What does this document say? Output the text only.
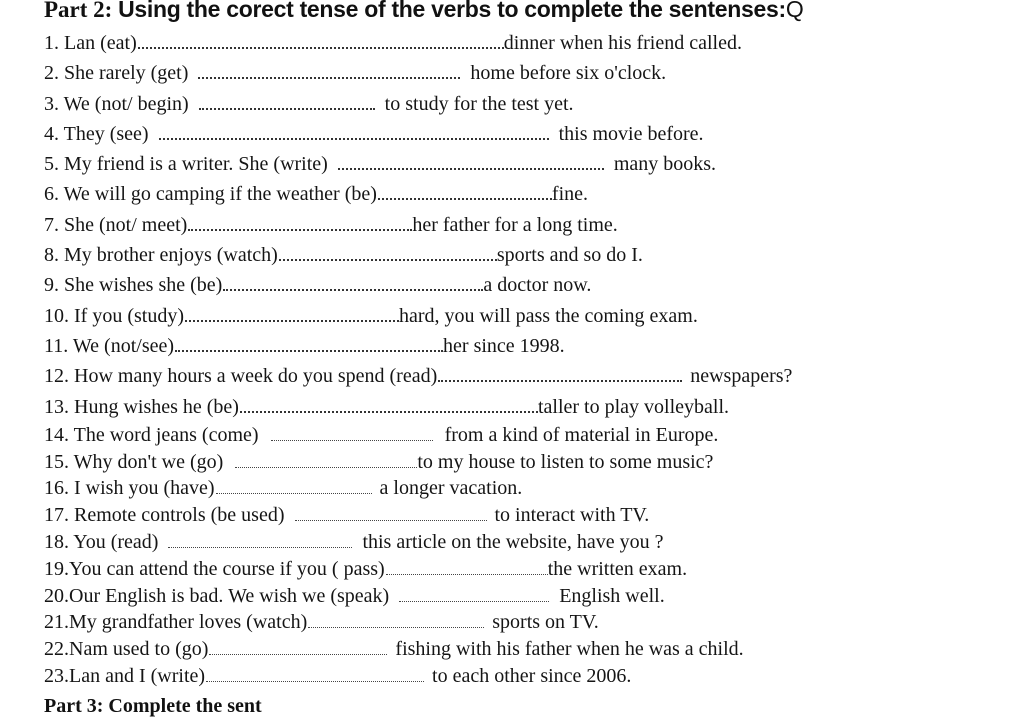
Part 2: Using the corect tense of the verbs to complete the sentenses:Q
1. Lan (eat)	dinner when his friend called.
2. She rarely (get)	home before six o'clock.
3. We (not/ begin)	to study for the test yet.
4. They (see)	this movie before.
5. My friend is a writer. She (write)	many books.
6. We will go camping if the weather (be)	fine.
7. She (not/ meet)	her father for a long time.
8. My brother enjoys (watch)	sports and so do I.
9. She wishes she (be)	a doctor now.
10. If you (study)	hard, you will pass the coming exam.
11. We (not/see)	her since 1998.
12. How many hours a week do you spend (read)	newspapers?
13. Hung wishes he (be)	taller to play volleyball.
14. The word jeans (come)	from a kind of material in Europe.
15. Why don't we (go)	to my house to listen to some music?
16. I wish you (have)	a longer vacation.
17. Remote controls (be used)	to interact with TV.
18. You (read)	this article on the website, have you ?
19.You can attend the course if you ( pass)	the written exam.
20.Our English is bad. We wish we (speak)	English well.
21.My grandfather loves (watch)	sports on TV.
22.Nam used to (go)	fishing with his father when he was a child.
23.Lan and I (write)	to each other since 2006.
Part 3: Complete the sent
